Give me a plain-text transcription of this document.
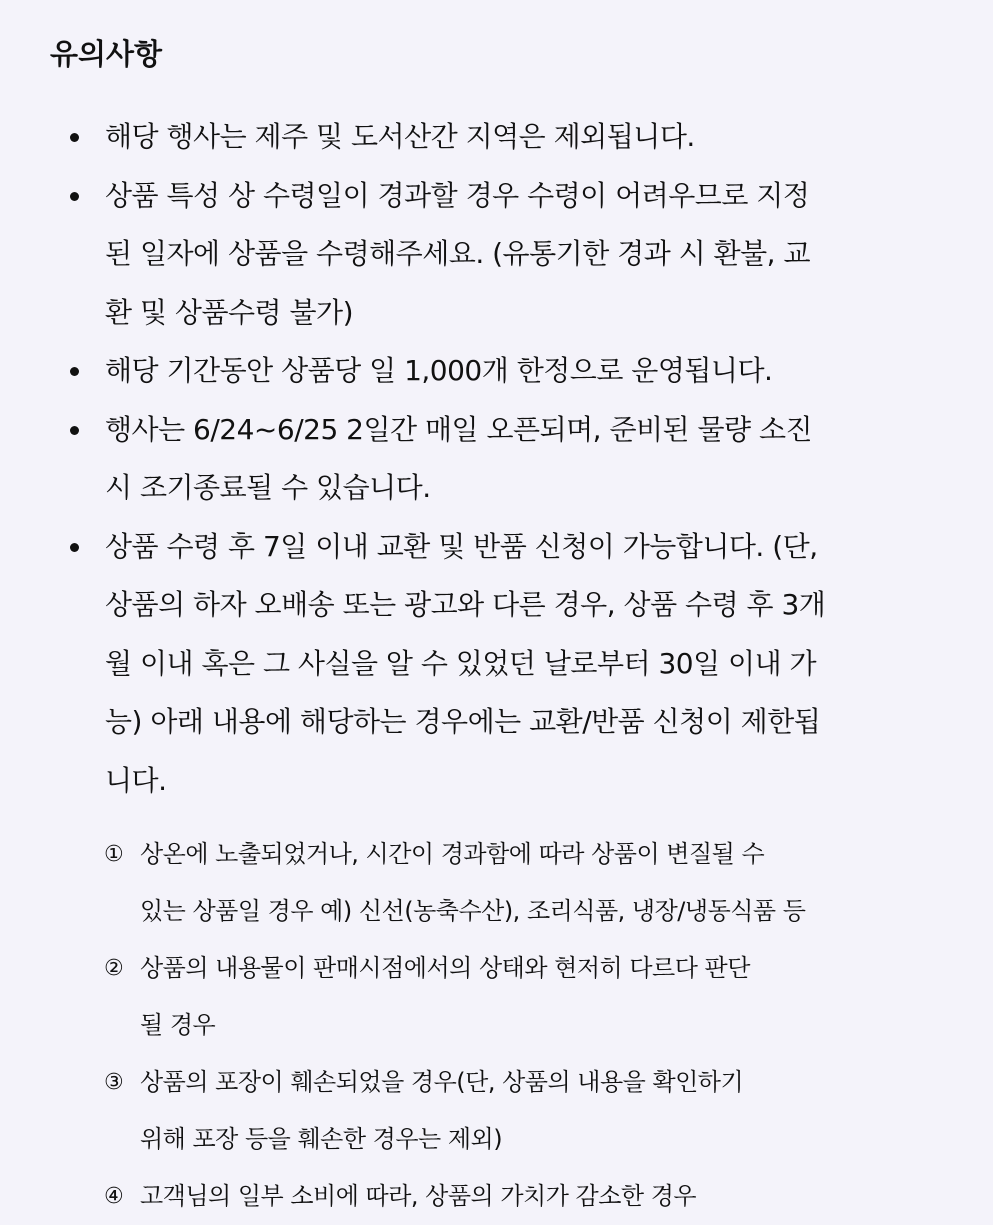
유의사항
해당 행사는 제주 및 도서산간 지역은 제외됩니다.
상품 특성 상 수령일이 경과할 경우 수령이 어려우므로 지정
된 일자에 상품을 수령해주세요. (유통기한 경과 시 환불, 교
환 및 상품수령 불가)
해당 기간동안 상품당 일 1,000개 한정으로 운영됩니다.
행사는 6/24~6/25 2일간 매일 오픈되며, 준비된 물량 소진
시 조기종료될 수 있습니다.
상품 수령 후 7일 이내 교환 및 반품 신청이 가능합니다. (단,
상품의 하자 오배송 또는 광고와 다른 경우, 상품 수령 후 3개
월 이내 혹은 그 사실을 알 수 있었던 날로부터 30일 이내 가
능) 아래 내용에 해당하는 경우에는 교환/반품 신청이 제한됩
니다.
① 상온에 노출되었거나, 시간이 경과함에 따라 상품이 변질될 수
있는 상품일 경우 예) 신선(농축수산), 조리식품, 냉장/냉동식품 등
② 상품의 내용물이 판매시점에서의 상태와 현저히 다르다 판단
될 경우
③ 상품의 포장이 훼손되었을 경우(단, 상품의 내용을 확인하기
위해 포장 등을 훼손한 경우는 제외)
④ 고객님의 일부 소비에 따라, 상품의 가치가 감소한 경우
